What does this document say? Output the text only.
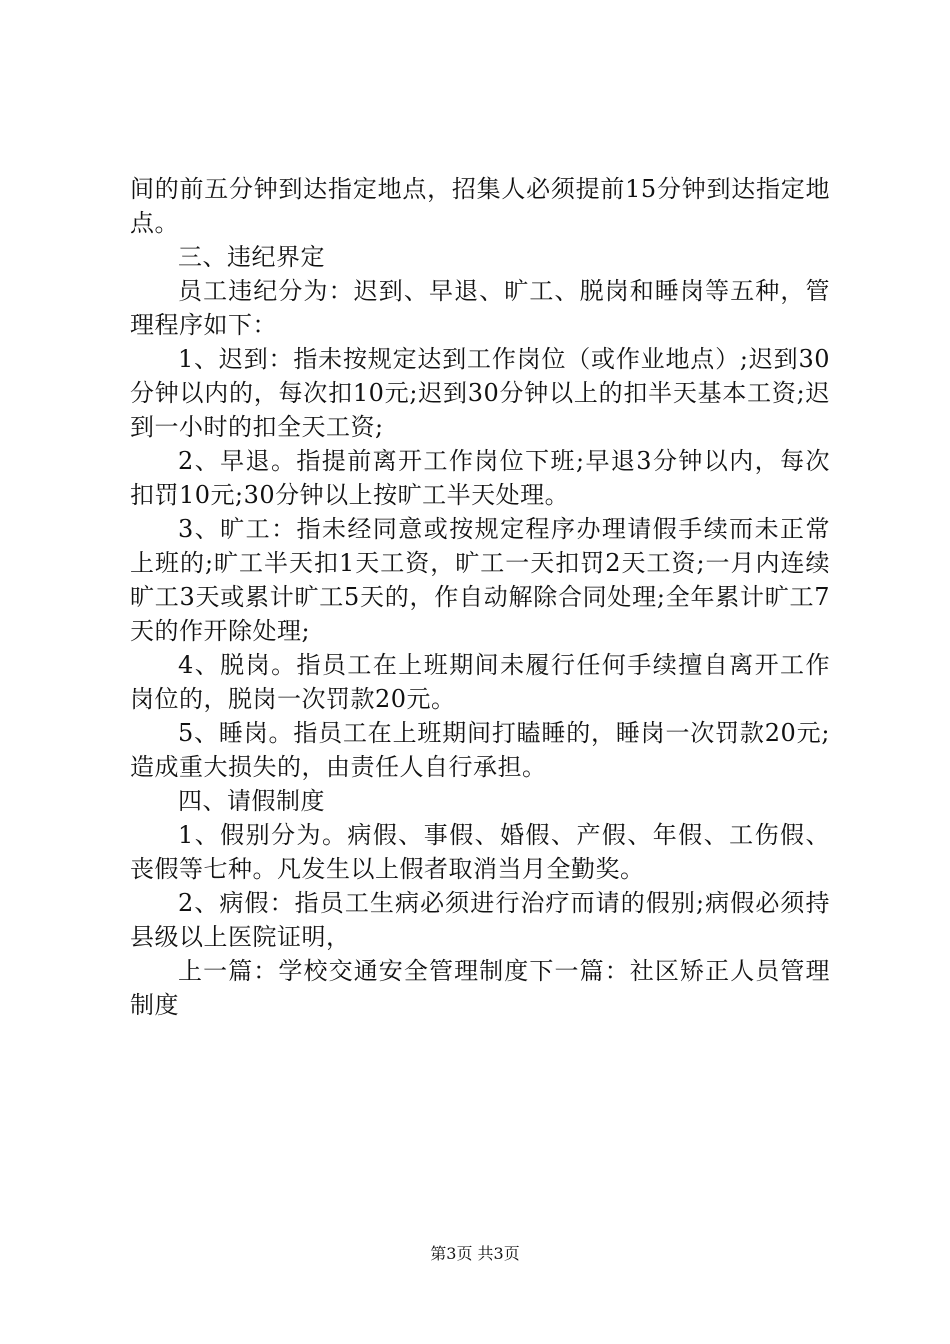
间的前五分钟到达指定地点，招集人必须提前15分钟到达指定地点。

三、违纪界定

员工违纪分为：迟到、早退、旷工、脱岗和睡岗等五种，管理程序如下：

1、迟到：指未按规定达到工作岗位（或作业地点）;迟到30分钟以内的，每次扣10元;迟到30分钟以上的扣半天基本工资;迟到一小时的扣全天工资;

2、早退。指提前离开工作岗位下班;早退3分钟以内，每次扣罚10元;30分钟以上按旷工半天处理。

3、旷工：指未经同意或按规定程序办理请假手续而未正常上班的;旷工半天扣1天工资，旷工一天扣罚2天工资;一月内连续旷工3天或累计旷工5天的，作自动解除合同处理;全年累计旷工7天的作开除处理;

4、脱岗。指员工在上班期间未履行任何手续擅自离开工作岗位的，脱岗一次罚款20元。

5、睡岗。指员工在上班期间打瞌睡的，睡岗一次罚款20元;造成重大损失的，由责任人自行承担。

四、请假制度

1、假别分为。病假、事假、婚假、产假、年假、工伤假、丧假等七种。凡发生以上假者取消当月全勤奖。

2、病假：指员工生病必须进行治疗而请的假别;病假必须持县级以上医院证明，

上一篇：学校交通安全管理制度下一篇：社区矫正人员管理制度

第3页 共3页
